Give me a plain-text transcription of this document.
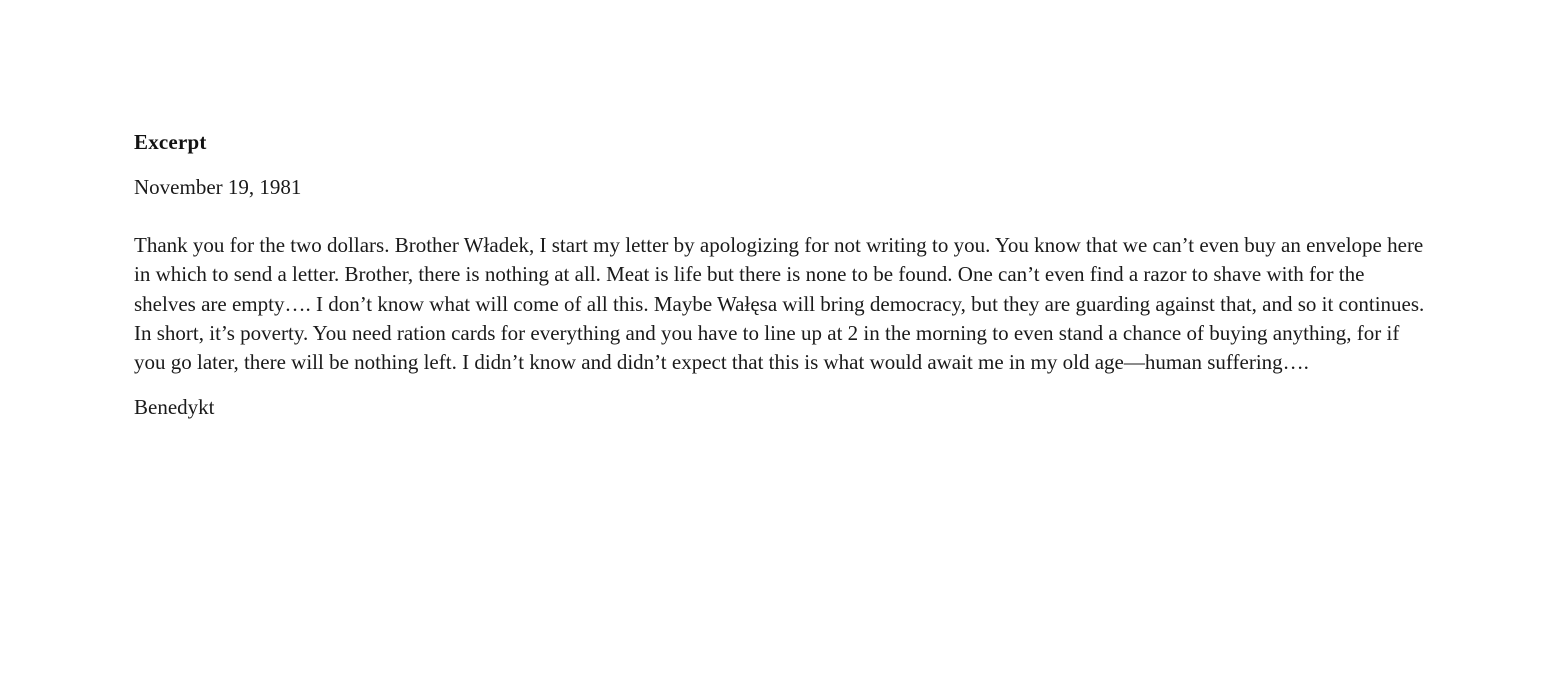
Excerpt

November 19, 1981

Thank you for the two dollars. Brother Władek, I start my letter by apologizing for not writing to you. You know that we can’t even buy an envelope here in which to send a letter. Brother, there is nothing at all. Meat is life but there is none to be found. One can’t even find a razor to shave with for the shelves are empty…. I don’t know what will come of all this. Maybe Wałęsa will bring democracy, but they are guarding against that, and so it continues. In short, it’s poverty. You need ration cards for everything and you have to line up at 2 in the morning to even stand a chance of buying anything, for if you go later, there will be nothing left. I didn’t know and didn’t expect that this is what would await me in my old age—human suffering….

Benedykt
